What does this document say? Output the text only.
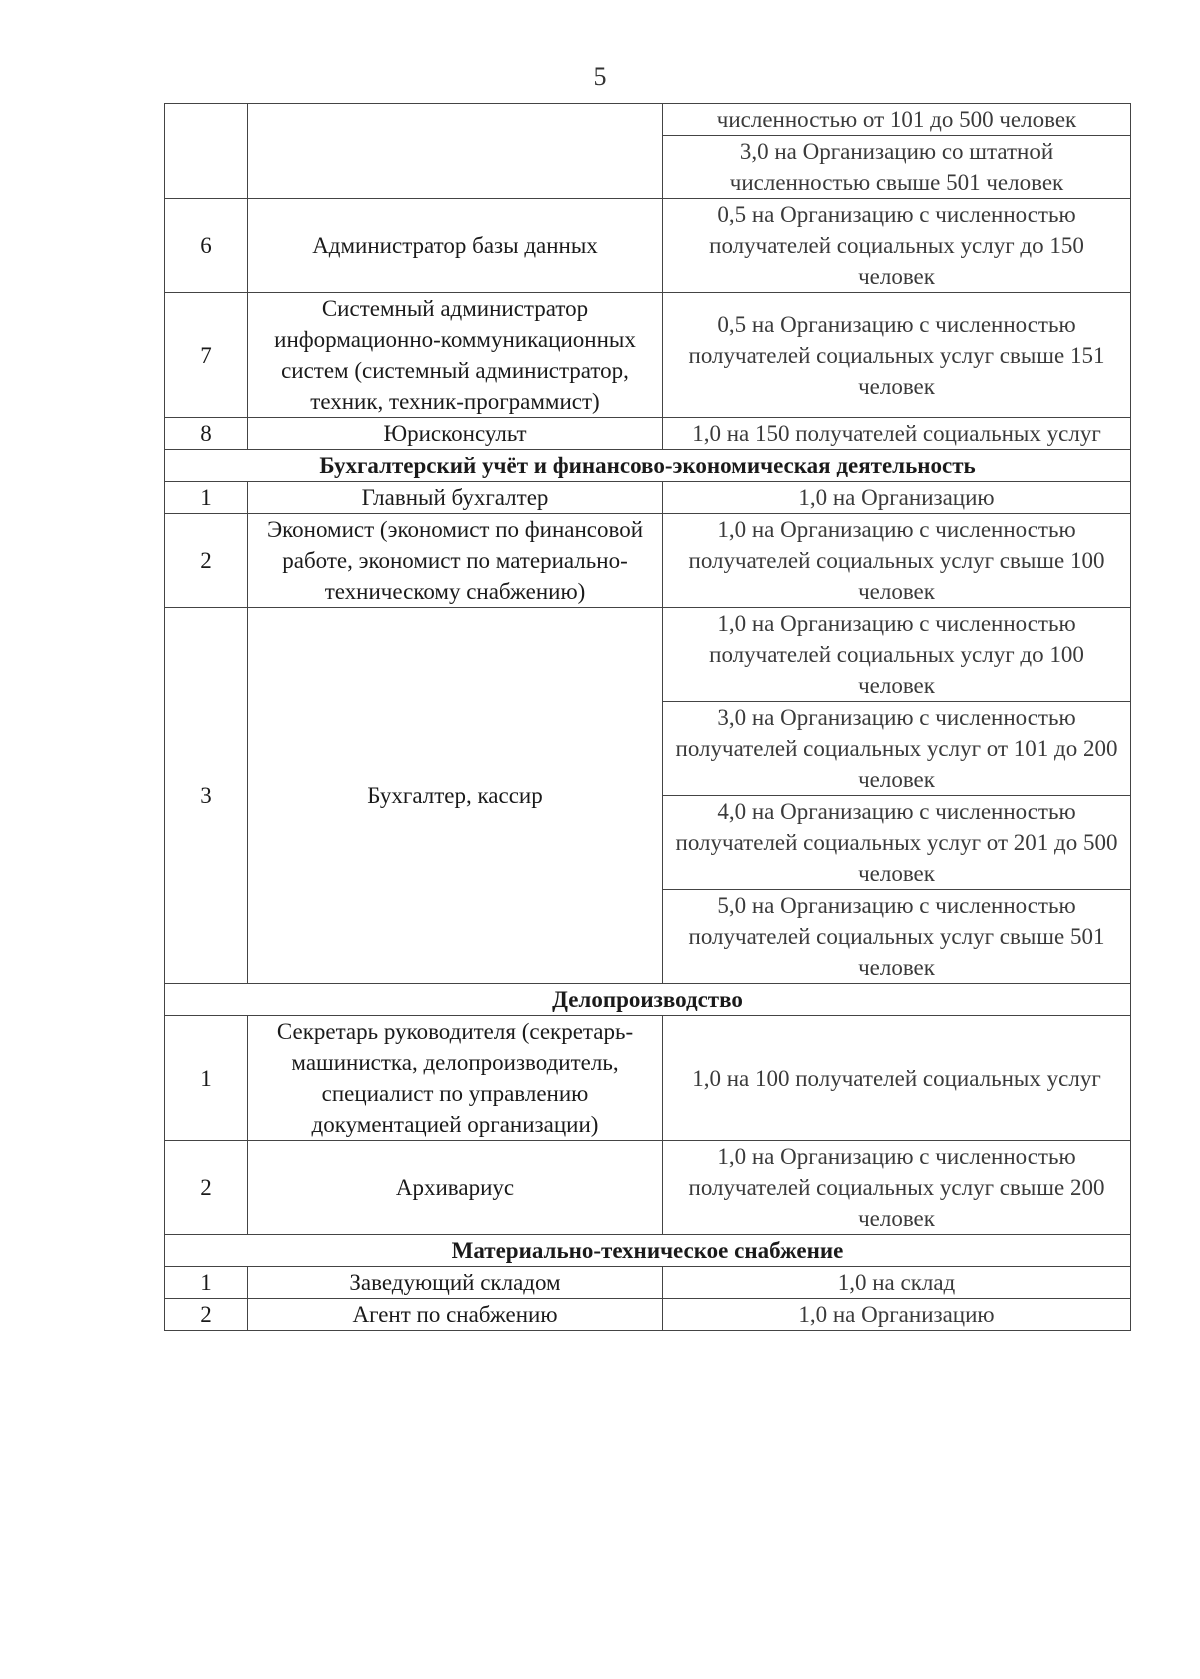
5
		численностью от 101 до 500 человек
		3,0 на Организацию со штатной численностью свыше 501 человек
6	Администратор базы данных	0,5 на Организацию с численностью получателей социальных услуг до 150 человек
7	Системный администратор информационно-коммуникационных систем (системный администратор, техник, техник-программист)	0,5 на Организацию с численностью получателей социальных услуг свыше 151 человек
8	Юрисконсульт	1,0 на 150 получателей социальных услуг
Бухгалтерский учёт и финансово-экономическая деятельность		
1	Главный бухгалтер	1,0 на Организацию
2	Экономист (экономист по финансовой работе, экономист по материально-техническому снабжению)	1,0 на Организацию с численностью получателей социальных услуг свыше 100 человек
3	Бухгалтер, кассир	1,0 на Организацию с численностью получателей социальных услуг до 100 человек
		3,0 на Организацию с численностью получателей социальных услуг от 101 до 200 человек
		4,0 на Организацию с численностью получателей социальных услуг от 201 до 500 человек
		5,0 на Организацию с численностью получателей социальных услуг свыше 501 человек
Делопроизводство		
1	Секретарь руководителя (секретарь-машинистка, делопроизводитель, специалист по управлению документацией организации)	1,0 на 100 получателей социальных услуг
2	Архивариус	1,0 на Организацию с численностью получателей социальных услуг свыше 200 человек
Материально-техническое снабжение		
1	Заведующий складом	1,0 на склад
2	Агент по снабжению	1,0 на Организацию
